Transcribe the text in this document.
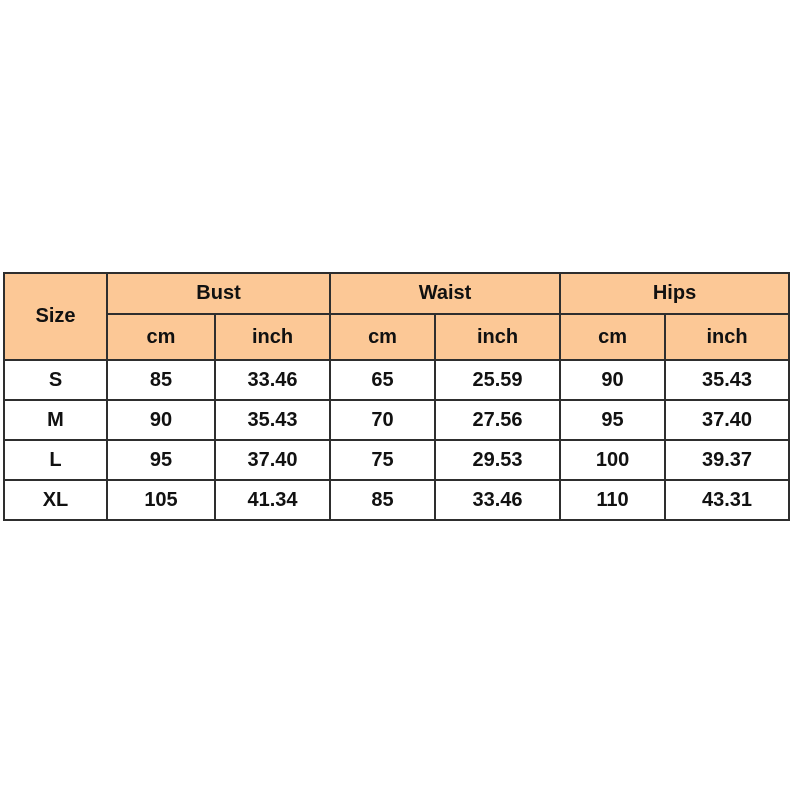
Size	Bust		Waist		Hips	
	cm	inch	cm	inch	cm	inch
S	85	33.46	65	25.59	90	35.43
M	90	35.43	70	27.56	95	37.40
L	95	37.40	75	29.53	100	39.37
XL	105	41.34	85	33.46	110	43.31
